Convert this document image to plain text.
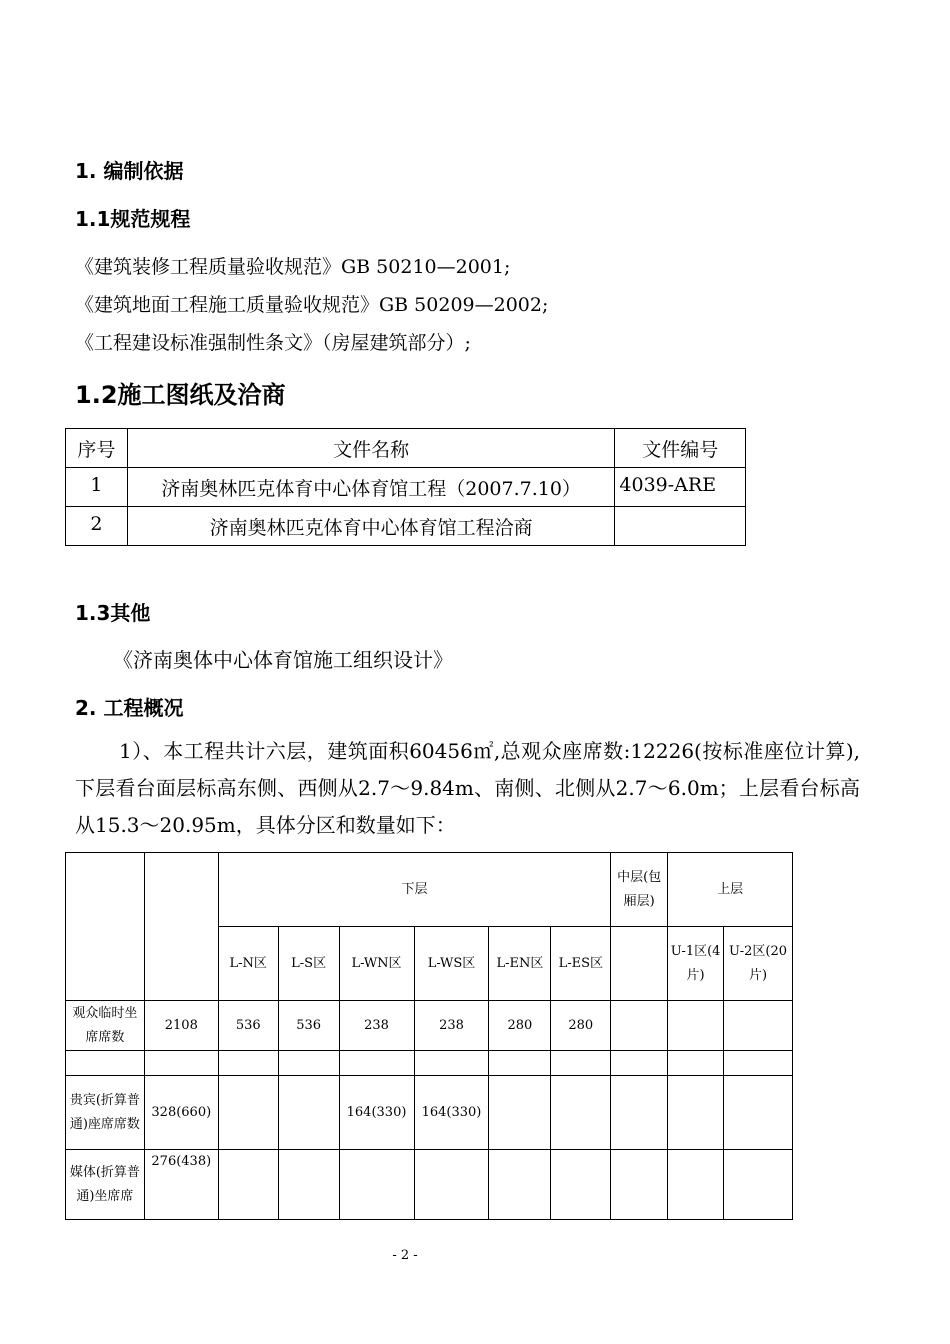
1. 编制依据
1.1规范规程
《建筑装修工程质量验收规范》GB 50210—2001;
《建筑地面工程施工质量验收规范》GB 50209—2002;
《工程建设标准强制性条文》（房屋建筑部分）;
1.2施工图纸及洽商
序号	文件名称	文件编号
1	济南奥林匹克体育中心体育馆工程（2007.7.10）	4039-ARE
2	济南奥林匹克体育中心体育馆工程洽商	
1.3其他
《济南奥体中心体育馆施工组织设计》
2. 工程概况
1）、本工程共计六层，建筑面积60456㎡,总观众座席数:12226(按标准座位计算),下层看台面层标高东侧、西侧从2.7～9.84m、南侧、北侧从2.7～6.0m；上层看台标高从15.3～20.95m，具体分区和数量如下：
		下层						中层(包厢层)	上层	
		L-N区	L-S区	L-WN区	L-WS区	L-EN区	L-ES区		U-1区(4片)	U-2区(20片)
观众临时坐席席数	2108	536	536	238	238	280	280			

贵宾(折算普通)座席席数	328(660)			164(330)	164(330)					
媒体(折算普通)坐席席	276(438)									
- 2 -
